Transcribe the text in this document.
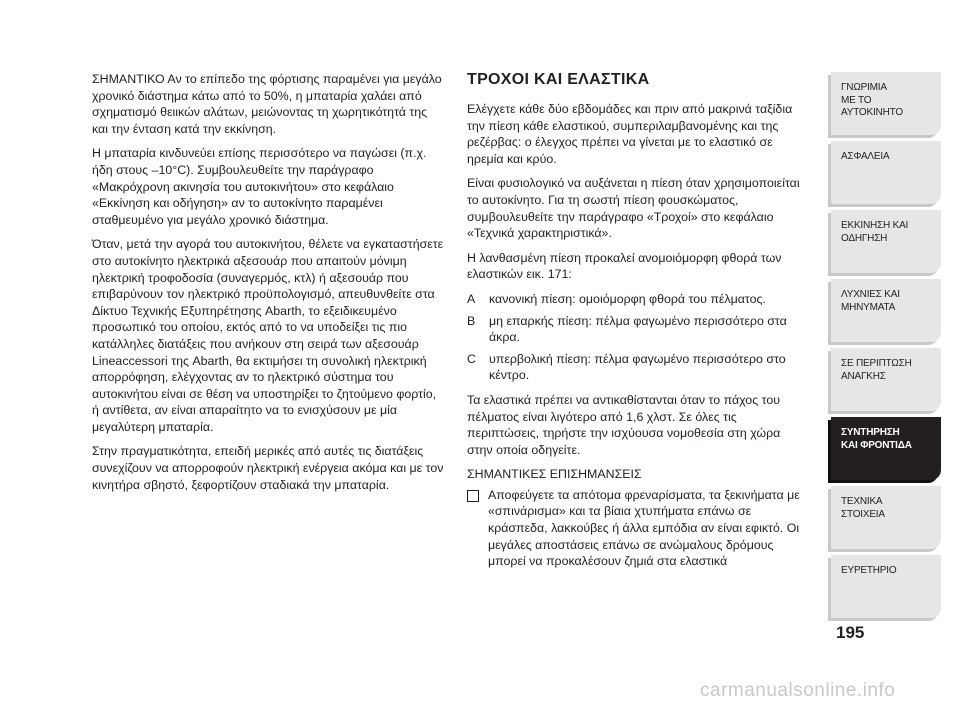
ΣΗΜΑΝΤΙΚΟ Αν το επίπεδο της φόρτισης παραμένει για μεγάλο χρονικό διάστημα κάτω από το 50%, η μπαταρία χαλάει από σχηματισμό θειικών αλάτων, μειώνοντας τη χωρητικότητά της και την ένταση κατά την εκκίνηση.

Η μπαταρία κινδυνεύει επίσης περισσότερο να παγώσει (π.χ. ήδη στους –10°C). Συμβουλευθείτε την παράγραφο «Μακρόχρονη ακινησία του αυτοκινήτου» στο κεφάλαιο «Εκκίνηση και οδήγηση» αν το αυτοκίνητο παραμένει σταθμευμένο για μεγάλο χρονικό διάστημα.

Όταν, μετά την αγορά του αυτοκινήτου, θέλετε να εγκαταστήσετε στο αυτοκίνητο ηλεκτρικά αξεσουάρ που απαιτούν μόνιμη ηλεκτρική τροφοδοσία (συναγερμός, κτλ) ή αξεσουάρ που επιβαρύνουν τον ηλεκτρικό προϋπολογισμό, απευθυνθείτε στα Δίκτυο Τεχνικής Εξυπηρέτησης Abarth, το εξειδικευμένο προσωπικό του οποίου, εκτός από το να υποδείξει τις πιο κατάλληλες διατάξεις που ανήκουν στη σειρά των αξεσουάρ Lineaccessori της Abarth, θα εκτιμήσει τη συνολική ηλεκτρική απορρόφηση, ελέγχοντας αν το ηλεκτρικό σύστημα του αυτοκινήτου είναι σε θέση να υποστηρίξει το ζητούμενο φορτίο, ή αντίθετα, αν είναι απαραίτητο να το ενισχύσουν με μία μεγαλύτερη μπαταρία.

Στην πραγματικότητα, επειδή μερικές από αυτές τις διατάξεις συνεχίζουν να απορροφούν ηλεκτρική ενέργεια ακόμα και με τον κινητήρα σβηστό, ξεφορτίζουν σταδιακά την μπαταρία.

ΤΡΟΧΟΙ ΚΑΙ ΕΛΑΣΤΙΚΑ

Ελέγχετε κάθε δύο εβδομάδες και πριν από μακρινά ταξίδια την πίεση κάθε ελαστικού, συμπεριλαμβανομένης και της ρεζέρβας: ο έλεγχος πρέπει να γίνεται με το ελαστικό σε ηρεμία και κρύο.

Είναι φυσιολογικό να αυξάνεται η πίεση όταν χρησιμοποιείται το αυτοκίνητο. Για τη σωστή πίεση φουσκώματος, συμβουλευθείτε την παράγραφο «Τροχοί» στο κεφάλαιο «Τεχνικά χαρακτηριστικά».

Η λανθασμένη πίεση προκαλεί ανομοιόμορφη φθορά των ελαστικών εικ. 171:

A	κανονική πίεση: ομοιόμορφη φθορά του πέλματος.
B	μη επαρκής πίεση: πέλμα φαγωμένο περισσότερο στα άκρα.
C	υπερβολική πίεση: πέλμα φαγωμένο περισσότερο στο κέντρο.

Τα ελαστικά πρέπει να αντικαθίστανται όταν το πάχος του πέλματος είναι λιγότερο από 1,6 χλστ. Σε όλες τις περιπτώσεις, τηρήστε την ισχύουσα νομοθεσία στη χώρα στην οποία οδηγείτε.

ΣΗΜΑΝΤΙΚΕΣ ΕΠΙΣΗΜΑΝΣΕΙΣ

Αποφεύγετε τα απότομα φρεναρίσματα, τα ξεκινήματα με «σπινάρισμα» και τα βίαια χτυπήματα επάνω σε κράσπεδα, λακκούβες ή άλλα εμπόδια αν είναι εφικτό. Οι μεγάλες αποστάσεις επάνω σε ανώμαλους δρόμους μπορεί να προκαλέσουν ζημιά στα ελαστικά
ΓΝΩΡΙΜΙΑ
ΜΕ ΤΟ
ΑΥΤΟΚΙΝΗΤΟ
ΑΣΦΑΛΕΙΑ
ΕΚΚΙΝΗΣΗ ΚΑΙ
ΟΔΗΓΗΣΗ
ΛΥΧΝΙΕΣ ΚΑΙ
ΜΗΝΥΜΑΤΑ
ΣΕ ΠΕΡΙΠΤΩΣΗ
ΑΝΑΓΚΗΣ
ΣΥΝΤΗΡΗΣΗ
ΚΑΙ ΦΡΟΝΤΙΔΑ
ΤΕΧΝΙΚΑ
ΣΤΟΙΧΕΙΑ
ΕΥΡΕΤΗΡΙΟ
195
carmanualsonline.info
